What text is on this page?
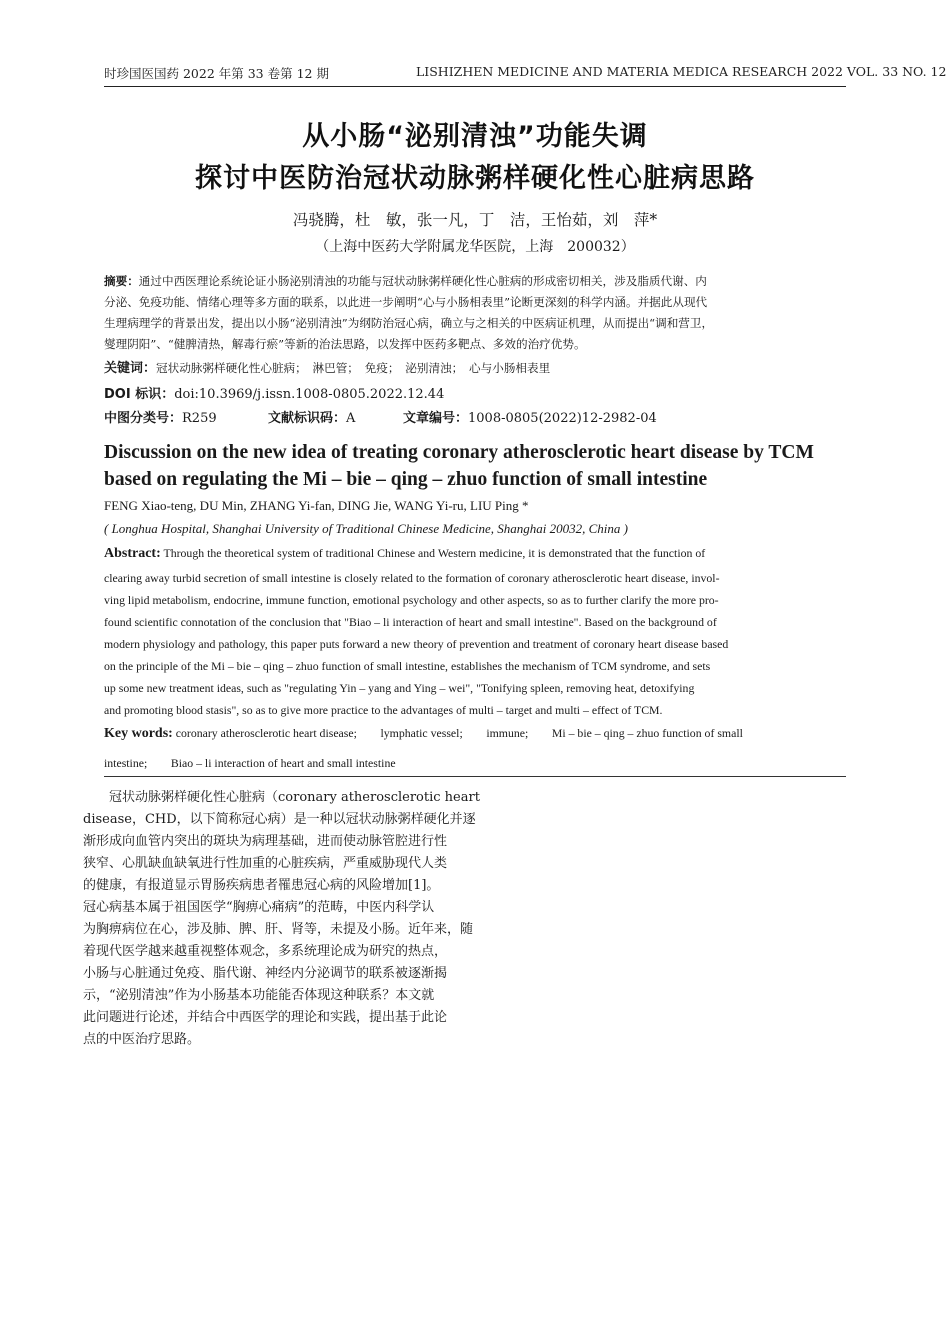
时珍国医国药 2022 年第 33 卷第 12 期	LISHIZHEN MEDICINE AND MATERIA MEDICA RESEARCH 2022 VOL. 33 NO. 12
从小肠“泌别清浊”功能失调
探讨中医防治冠状动脉粥样硬化性心脏病思路
冯骁腾，杜　敏，张一凡，丁　洁，王怡茹，刘　萍*
（上海中医药大学附属龙华医院，上海　200032）
摘要：通过中西医理论系统论证小肠泌别清浊的功能与冠状动脉粥样硬化性心脏病的形成密切相关，涉及脂质代谢、内
分泌、免疫功能、情绪心理等多方面的联系，以此进一步阐明“心与小肠相表里”论断更深刻的科学内涵。并据此从现代
生理病理学的背景出发，提出以小肠“泌别清浊”为纲防治冠心病，确立与之相关的中医病证机理，从而提出“调和营卫，
燮理阴阳”、“健脾清热，解毒行瘀”等新的治法思路，以发挥中医药多靶点、多效的治疗优势。
关键词：冠状动脉粥样硬化性心脏病；　淋巴管；　免疫；　泌别清浊；　心与小肠相表里
DOI 标识：doi:10.3969/j.issn.1008-0805.2022.12.44
中图分类号：R259	文献标识码：A	文章编号：1008-0805(2022)12-2982-04
Discussion on the new idea of treating coronary atherosclerotic heart disease by TCM
based on regulating the Mi – bie – qing – zhuo function of small intestine
FENG Xiao-teng, DU Min, ZHANG Yi-fan, DING Jie, WANG Yi-ru, LIU Ping *
( Longhua Hospital, Shanghai University of Traditional Chinese Medicine, Shanghai 20032, China )
Abstract: Through the theoretical system of traditional Chinese and Western medicine, it is demonstrated that the function of
clearing away turbid secretion of small intestine is closely related to the formation of coronary atherosclerotic heart disease, invol-
ving lipid metabolism, endocrine, immune function, emotional psychology and other aspects, so as to further clarify the more pro-
found scientific connotation of the conclusion that "Biao – li interaction of heart and small intestine". Based on the background of
modern physiology and pathology, this paper puts forward a new theory of prevention and treatment of coronary heart disease based
on the principle of the Mi – bie – qing – zhuo function of small intestine, establishes the mechanism of TCM syndrome, and sets
up some new treatment ideas, such as "regulating Yin – yang and Ying – wei", "Tonifying spleen, removing heat, detoxifying
and promoting blood stasis", so as to give more practice to the advantages of multi – target and multi – effect of TCM.
Key words: coronary atherosclerotic heart disease;　　lymphatic vessel;　　immune;　　Mi – bie – qing – zhuo function of small
intestine;　　Biao – li interaction of heart and small intestine
　　冠状动脉粥样硬化性心脏病（coronary atherosclerotic heart
disease，CHD，以下简称冠心病）是一种以冠状动脉粥样硬化并逐
渐形成向血管内突出的斑块为病理基础，进而使动脉管腔进行性
狭窄、心肌缺血缺氧进行性加重的心脏疾病，严重威胁现代人类
的健康，有报道显示胃肠疾病患者罹患冠心病的风险增加[1]。
冠心病基本属于祖国医学“胸痹心痛病”的范畴，中医内科学认
为胸痹病位在心，涉及肺、脾、肝、肾等，未提及小肠。近年来，随
着现代医学越来越重视整体观念，多系统理论成为研究的热点，
小肠与心脏通过免疫、脂代谢、神经内分泌调节的联系被逐渐揭
示，“泌别清浊”作为小肠基本功能能否体现这种联系？本文就
此问题进行论述，并结合中西医学的理论和实践，提出基于此论
点的中医治疗思路。
